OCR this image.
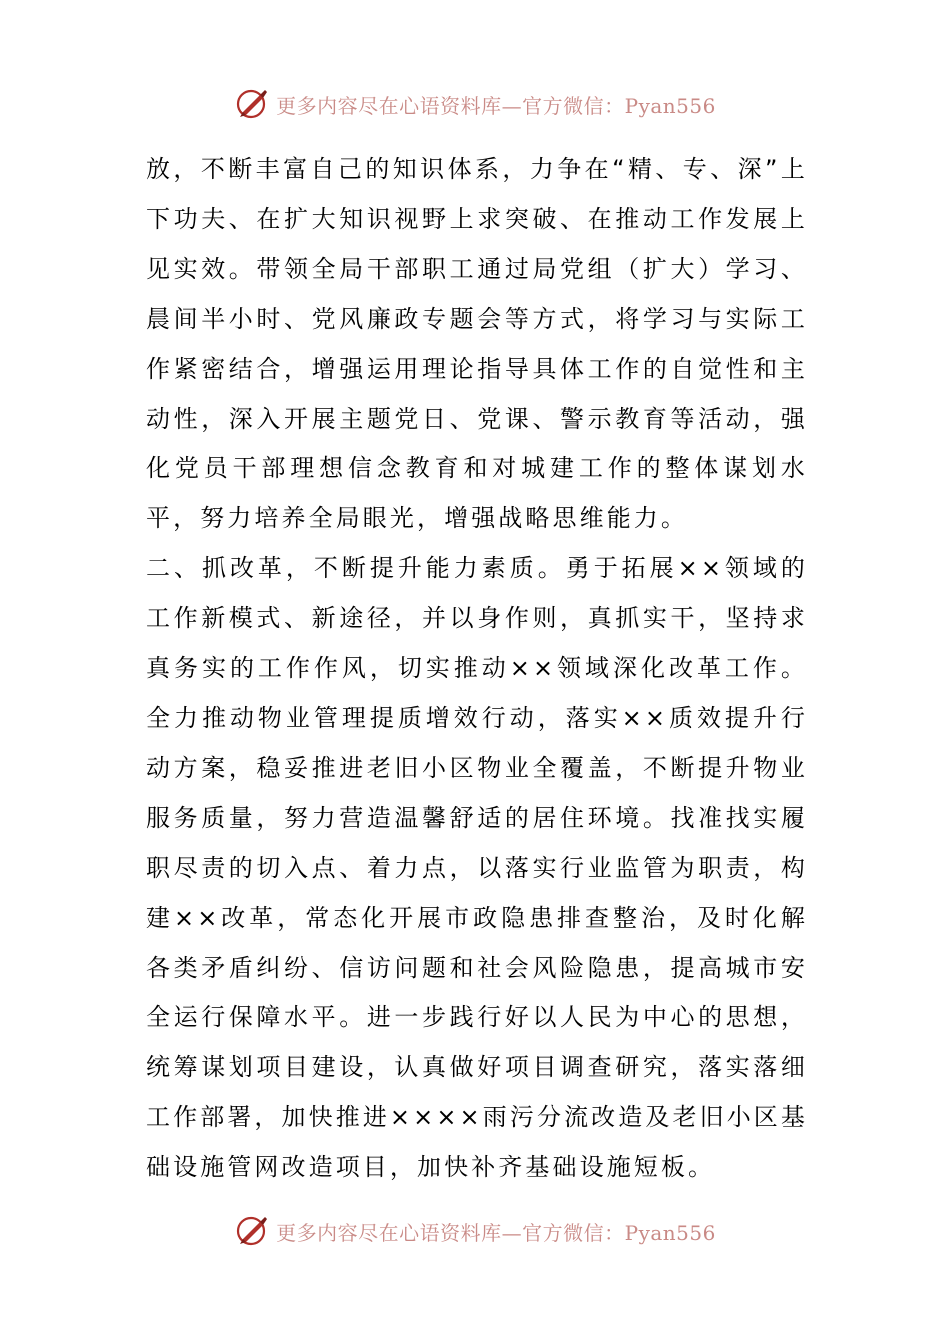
更多内容尽在心语资料库—官方微信：Pyan556

放，不断丰富自己的知识体系，力争在“精、专、深”上下功夫、在扩大知识视野上求突破、在推动工作发展上见实效。带领全局干部职工通过局党组（扩大）学习、晨间半小时、党风廉政专题会等方式，将学习与实际工作紧密结合，增强运用理论指导具体工作的自觉性和主动性，深入开展主题党日、党课、警示教育等活动，强化党员干部理想信念教育和对城建工作的整体谋划水平，努力培养全局眼光，增强战略思维能力。

二、抓改革，不断提升能力素质。勇于拓展××领域的工作新模式、新途径，并以身作则，真抓实干，坚持求真务实的工作作风，切实推动××领域深化改革工作。全力推动物业管理提质增效行动，落实××质效提升行动方案，稳妥推进老旧小区物业全覆盖，不断提升物业服务质量，努力营造温馨舒适的居住环境。找准找实履职尽责的切入点、着力点，以落实行业监管为职责，构建××改革，常态化开展市政隐患排查整治，及时化解各类矛盾纠纷、信访问题和社会风险隐患，提高城市安全运行保障水平。进一步践行好以人民为中心的思想，统筹谋划项目建设，认真做好项目调查研究，落实落细工作部署，加快推进××××雨污分流改造及老旧小区基础设施管网改造项目，加快补齐基础设施短板。

更多内容尽在心语资料库—官方微信：Pyan556
